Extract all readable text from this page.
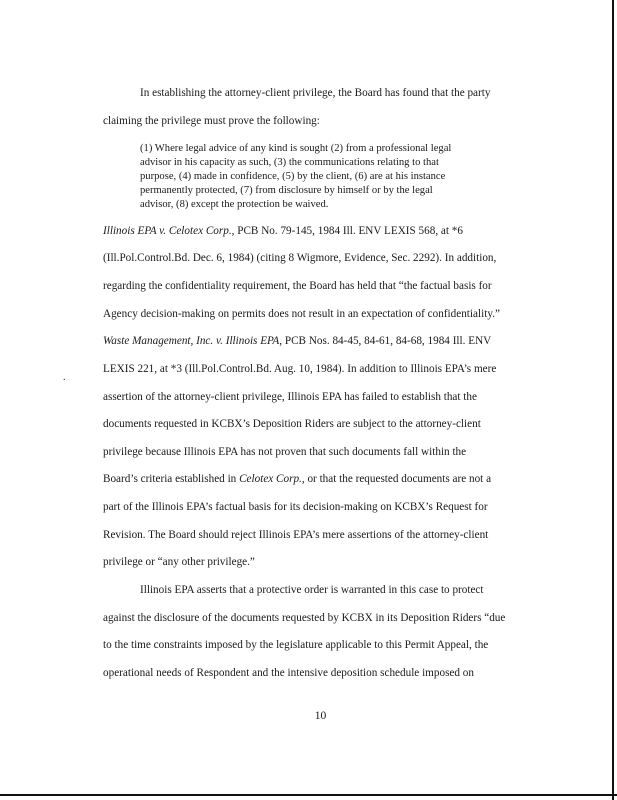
In establishing the attorney-client privilege, the Board has found that the party
claiming the privilege must prove the following:
(1) Where legal advice of any kind is sought (2) from a professional legal
advisor in his capacity as such, (3) the communications relating to that
purpose, (4) made in confidence, (5) by the client, (6) are at his instance
permanently protected, (7) from disclosure by himself or by the legal
advisor, (8) except the protection be waived.
Illinois EPA v. Celotex Corp., PCB No. 79-145, 1984 Ill. ENV LEXIS 568, at *6
(Ill.Pol.Control.Bd. Dec. 6, 1984) (citing 8 Wigmore, Evidence, Sec. 2292). In addition,
regarding the confidentiality requirement, the Board has held that “the factual basis for
Agency decision-making on permits does not result in an expectation of confidentiality.”
Waste Management, Inc. v. Illinois EPA, PCB Nos. 84-45, 84-61, 84-68, 1984 Ill. ENV
LEXIS 221, at *3 (Ill.Pol.Control.Bd. Aug. 10, 1984). In addition to Illinois EPA’s mere
assertion of the attorney-client privilege, Illinois EPA has failed to establish that the
documents requested in KCBX’s Deposition Riders are subject to the attorney-client
privilege because Illinois EPA has not proven that such documents fall within the
Board’s criteria established in Celotex Corp., or that the requested documents are not a
part of the Illinois EPA’s factual basis for its decision-making on KCBX’s Request for
Revision. The Board should reject Illinois EPA’s mere assertions of the attorney-client
privilege or “any other privilege.”
Illinois EPA asserts that a protective order is warranted in this case to protect
against the disclosure of the documents requested by KCBX in its Deposition Riders “due
to the time constraints imposed by the legislature applicable to this Permit Appeal, the
operational needs of Respondent and the intensive deposition schedule imposed on
.
10
